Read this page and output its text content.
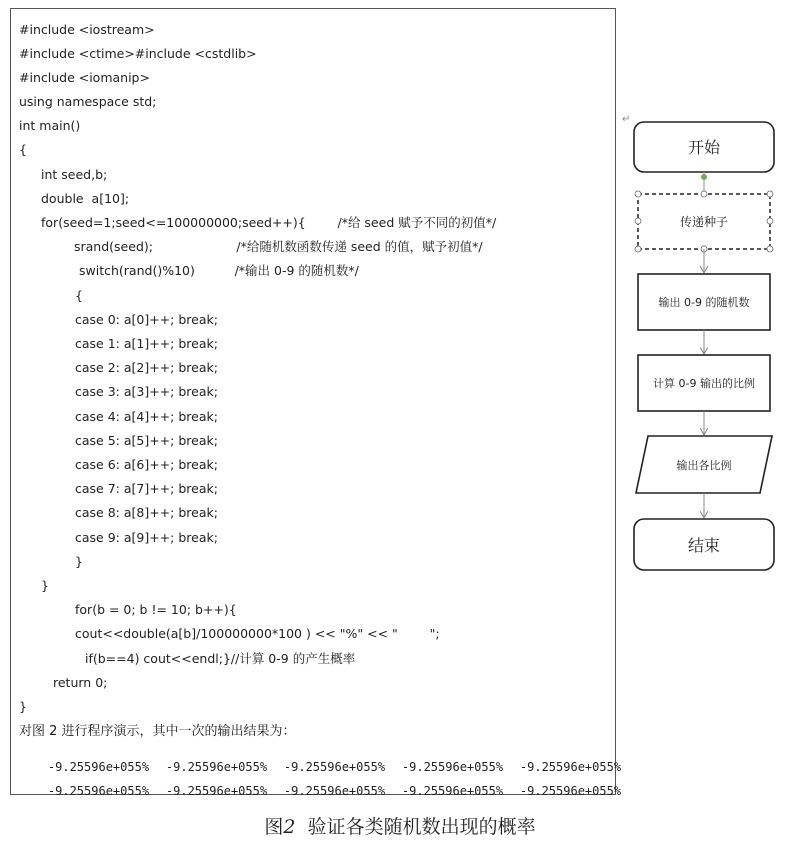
#include <iostream>
#include <ctime>#include <cstdlib>
#include <iomanip>
using namespace std;
int main()
{
int seed,b;
double  a[10];
for(seed=1;seed<=100000000;seed++){        /*给 seed 赋予不同的初值*/
srand(seed);                     /*给随机数函数传递 seed 的值，赋予初值*/
switch(rand()%10)          /*输出 0-9 的随机数*/
{
case 0: a[0]++; break;
case 1: a[1]++; break;
case 2: a[2]++; break;
case 3: a[3]++; break;
case 4: a[4]++; break;
case 5: a[5]++; break;
case 6: a[6]++; break;
case 7: a[7]++; break;
case 8: a[8]++; break;
case 9: a[9]++; break;
}
}
for(b = 0; b != 10; b++){
cout<<double(a[b]/100000000*100 ) << "%" << "        ";
if(b==4) cout<<endl;}//计算 0-9 的产生概率
return 0;
}
对图 2 进行程序演示，其中一次的输出结果为：

-9.25596e+055% -9.25596e+055% -9.25596e+055% -9.25596e+055% -9.25596e+055%

-9.25596e+055% -9.25596e+055% -9.25596e+055% -9.25596e+055% -9.25596e+055%

↵
开始
传递种子
输出 0-9 的随机数
计算 0-9 输出的比例
输出各比例
结束
图2 验证各类随机数出现的概率
